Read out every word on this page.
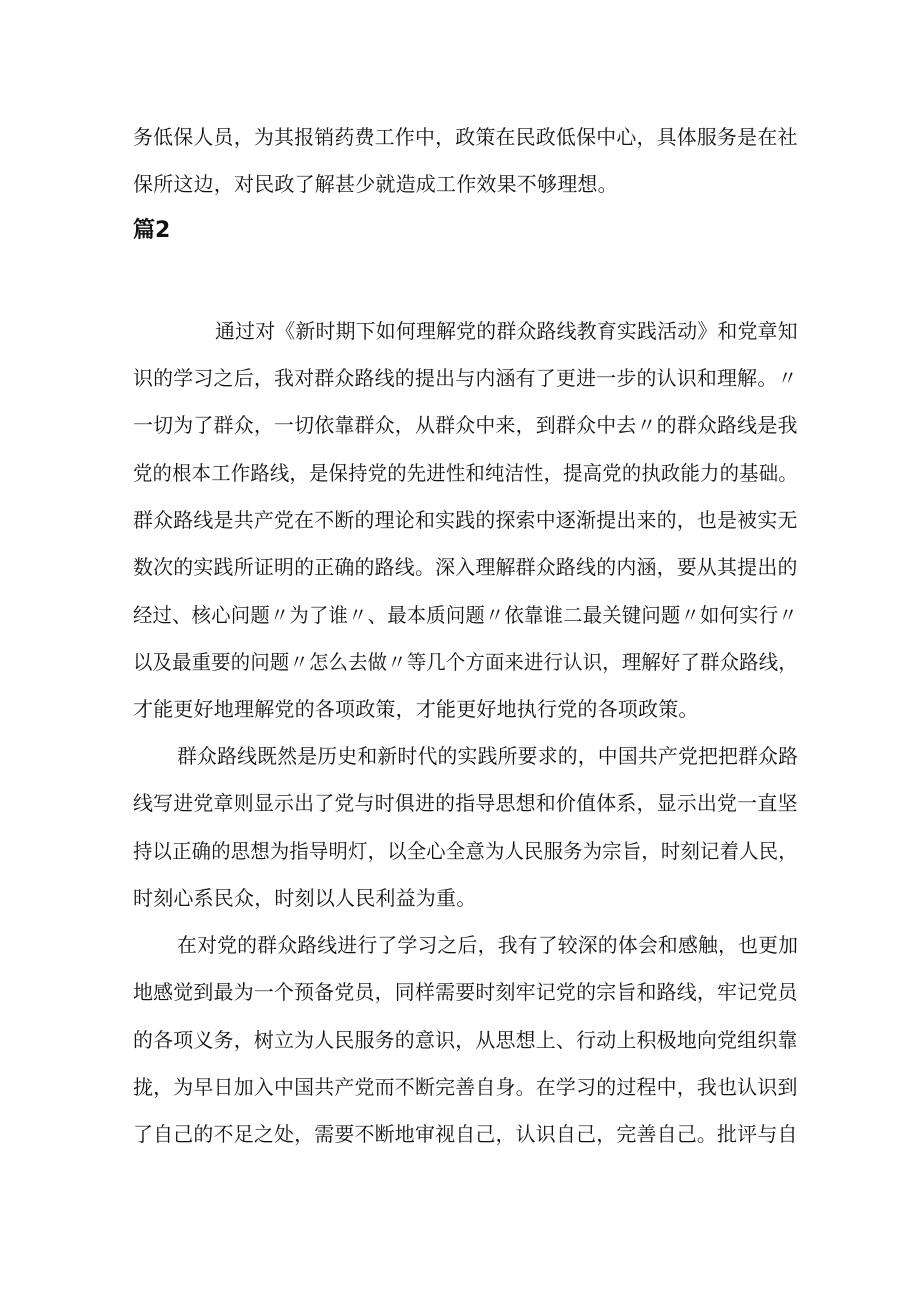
务低保人员，为其报销药费工作中，政策在民政低保中心，具体服务是在社
保所这边，对民政了解甚少就造成工作效果不够理想。
篇2
通过对《新时期下如何理解党的群众路线教育实践活动》和党章知
识的学习之后，我对群众路线的提出与内涵有了更进一步的认识和理解。〃
一切为了群众，一切依靠群众，从群众中来，到群众中去〃的群众路线是我
党的根本工作路线，是保持党的先进性和纯洁性，提高党的执政能力的基础。
群众路线是共产党在不断的理论和实践的探索中逐渐提出来的，也是被实无
数次的实践所证明的正确的路线。深入理解群众路线的内涵，要从其提出的
经过、核心问题〃为了谁〃、最本质问题〃依靠谁二最关键问题〃如何实行〃
以及最重要的问题〃怎么去做〃等几个方面来进行认识，理解好了群众路线，
才能更好地理解党的各项政策，才能更好地执行党的各项政策。
群众路线既然是历史和新时代的实践所要求的，中国共产党把把群众路
线写进党章则显示出了党与时俱进的指导思想和价值体系，显示出党一直坚
持以正确的思想为指导明灯，以全心全意为人民服务为宗旨，时刻记着人民，
时刻心系民众，时刻以人民利益为重。
在对党的群众路线进行了学习之后，我有了较深的体会和感触，也更加
地感觉到最为一个预备党员，同样需要时刻牢记党的宗旨和路线，牢记党员
的各项义务，树立为人民服务的意识，从思想上、行动上积极地向党组织靠
拢，为早日加入中国共产党而不断完善自身。在学习的过程中，我也认识到
了自己的不足之处，需要不断地审视自己，认识自己，完善自己。批评与自
